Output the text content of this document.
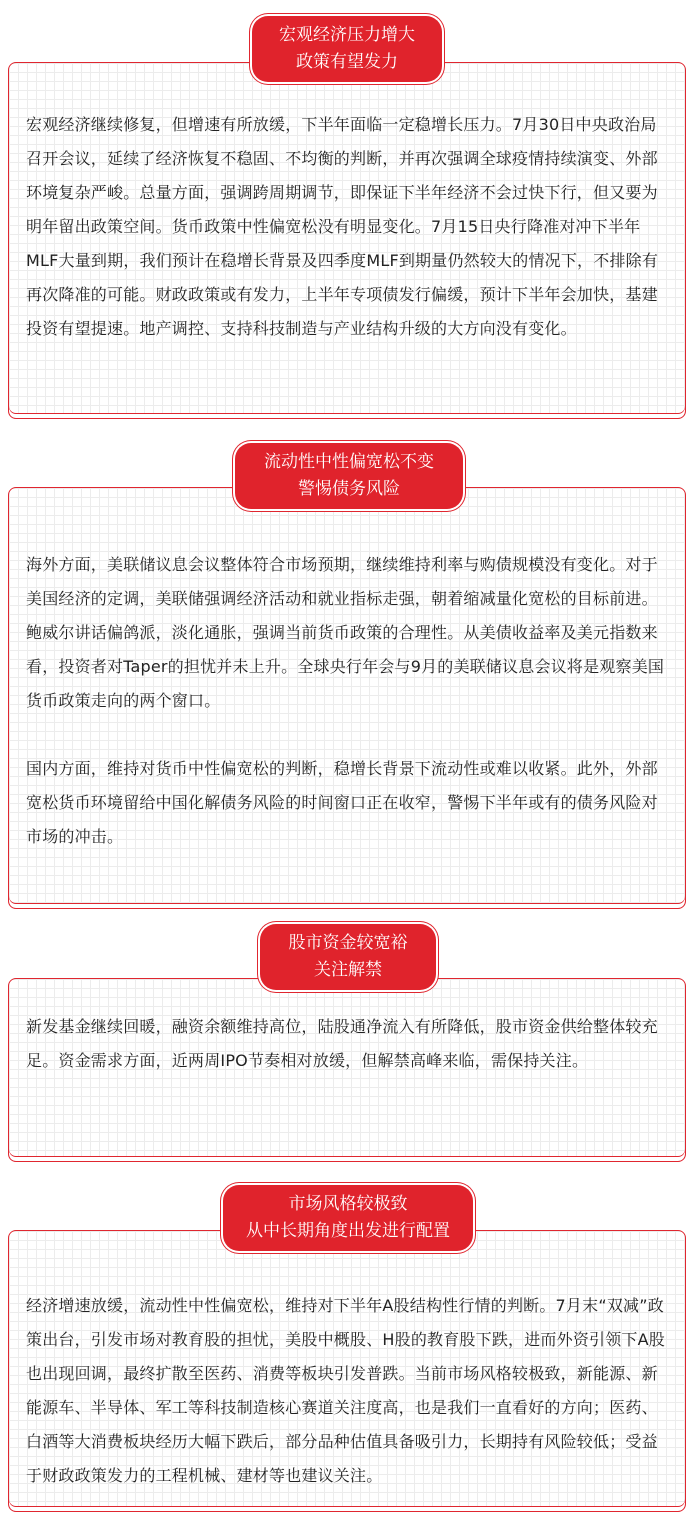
宏观经济压力增大
政策有望发力

宏观经济继续修复，但增速有所放缓，下半年面临一定稳增长压力。7月30日中央政治局召开会议，延续了经济恢复不稳固、不均衡的判断，并再次强调全球疫情持续演变、外部环境复杂严峻。总量方面，强调跨周期调节，即保证下半年经济不会过快下行，但又要为明年留出政策空间。货币政策中性偏宽松没有明显变化。7月15日央行降准对冲下半年MLF大量到期，我们预计在稳增长背景及四季度MLF到期量仍然较大的情况下，不排除有再次降准的可能。财政政策或有发力，上半年专项债发行偏缓，预计下半年会加快，基建投资有望提速。地产调控、支持科技制造与产业结构升级的大方向没有变化。

流动性中性偏宽松不变
警惕债务风险

海外方面，美联储议息会议整体符合市场预期，继续维持利率与购债规模没有变化。对于美国经济的定调，美联储强调经济活动和就业指标走强，朝着缩减量化宽松的目标前进。鲍威尔讲话偏鸽派，淡化通胀，强调当前货币政策的合理性。从美债收益率及美元指数来看，投资者对Taper的担忧并未上升。全球央行年会与9月的美联储议息会议将是观察美国货币政策走向的两个窗口。

国内方面，维持对货币中性偏宽松的判断，稳增长背景下流动性或难以收紧。此外，外部宽松货币环境留给中国化解债务风险的时间窗口正在收窄，警惕下半年或有的债务风险对市场的冲击。

股市资金较宽裕
关注解禁

新发基金继续回暖，融资余额维持高位，陆股通净流入有所降低，股市资金供给整体较充足。资金需求方面，近两周IPO节奏相对放缓，但解禁高峰来临，需保持关注。

市场风格较极致
从中长期角度出发进行配置

经济增速放缓，流动性中性偏宽松，维持对下半年A股结构性行情的判断。7月末“双减”政策出台，引发市场对教育股的担忧，美股中概股、H股的教育股下跌，进而外资引领下A股也出现回调，最终扩散至医药、消费等板块引发普跌。当前市场风格较极致，新能源、新能源车、半导体、军工等科技制造核心赛道关注度高，也是我们一直看好的方向；医药、白酒等大消费板块经历大幅下跌后，部分品种估值具备吸引力，长期持有风险较低；受益于财政政策发力的工程机械、建材等也建议关注。
